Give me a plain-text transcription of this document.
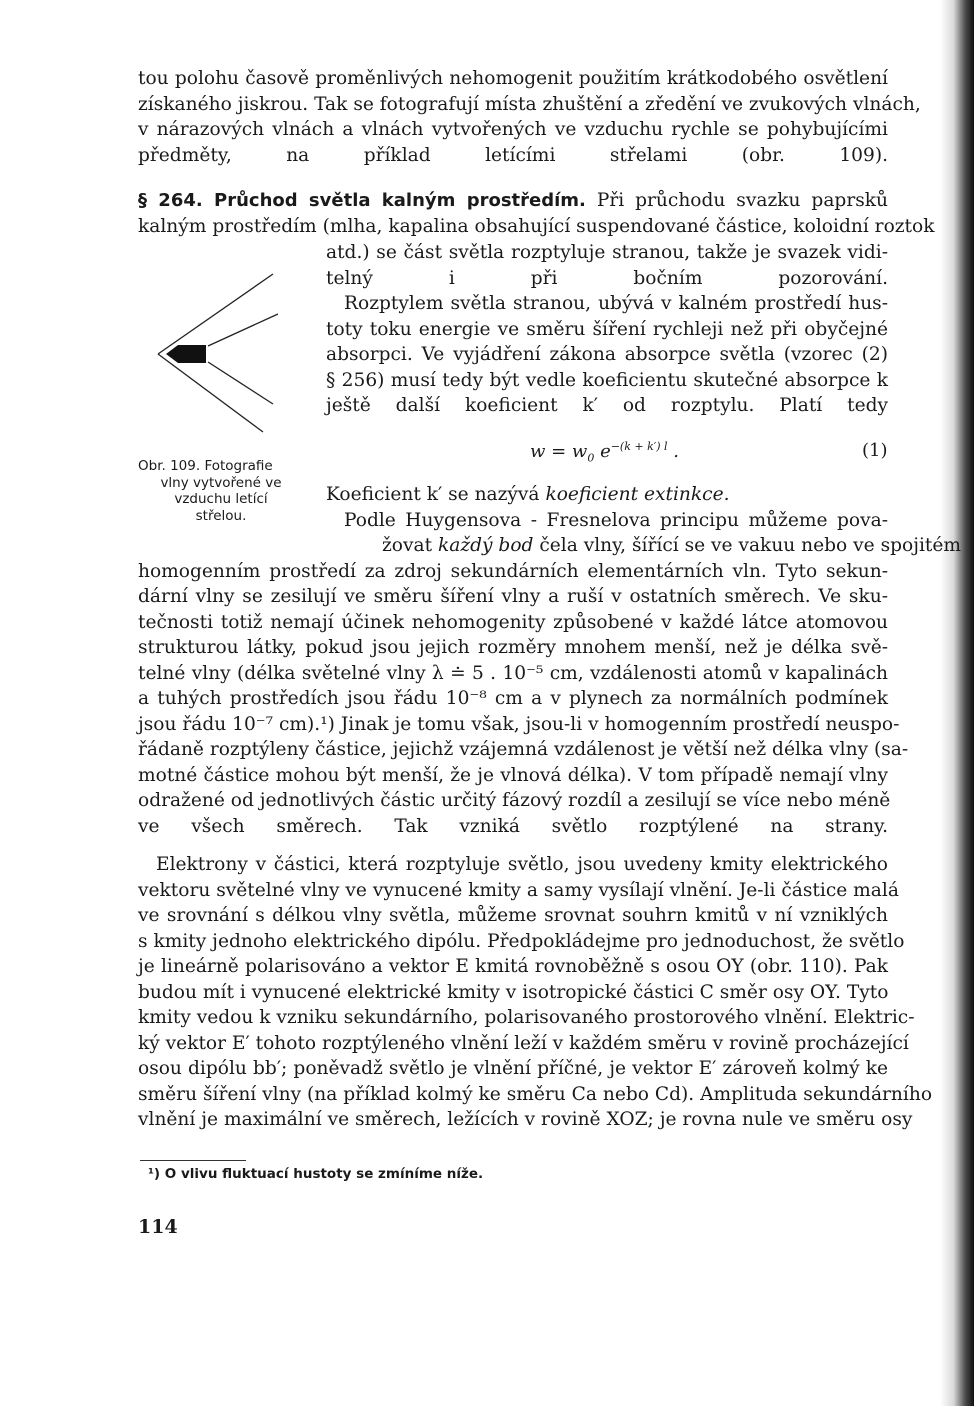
tou polohu časově proměnlivých nehomogenit použitím krátkodobého osvětlení
získaného jiskrou. Tak se fotografují místa zhuštění a zředění ve zvukových vlnách,
v nárazových vlnách a vlnách vytvořených ve vzduchu rychle se pohybujícími
předměty, na příklad letícími střelami (obr. 109).
§ 264. Průchod světla kalným prostředím. Při průchodu svazku paprsků
kalným prostředím (mlha, kapalina obsahující suspendované částice, koloidní roztok
atd.) se část světla rozptyluje stranou, takže je svazek vidi-
telný i při bočním pozorování.
Rozptylem světla stranou, ubývá v kalném prostředí hus-
toty toku energie ve směru šíření rychleji než při obyčejné
absorpci. Ve vyjádření zákona absorpce světla (vzorec (2)
§ 256) musí tedy být vedle koeficientu skutečné absorpce k
ještě další koeficient k′ od rozptylu. Platí tedy
Obr. 109. Fotografie
vlny vytvořené ve
vzduchu letící
střelou.
$w = w_0$ $e^{-(k + k') l}$ .	(1)
Koeficient k′ se nazývá koeficient extinkce.
Podle Huygensova - Fresnelova principu můžeme pova-
žovat každý bod čela vlny, šířící se ve vakuu nebo ve spojitém
homogenním prostředí za zdroj sekundárních elementárních vln. Tyto sekun-
dární vlny se zesilují ve směru šíření vlny a ruší v ostatních směrech. Ve sku-
tečnosti totiž nemají účinek nehomogenity způsobené v každé látce atomovou
strukturou látky, pokud jsou jejich rozměry mnohem menší, než je délka svě-
telné vlny (délka světelné vlny λ ≐ 5 . 10⁻⁵ cm, vzdálenosti atomů v kapalinách
a tuhých prostředích jsou řádu 10⁻⁸ cm a v plynech za normálních podmínek
jsou řádu 10⁻⁷ cm).¹) Jinak je tomu však, jsou-li v homogenním prostředí neuspo-
řádaně rozptýleny částice, jejichž vzájemná vzdálenost je větší než délka vlny (sa-
motné částice mohou být menší, že je vlnová délka). V tom případě nemají vlny
odražené od jednotlivých částic určitý fázový rozdíl a zesilují se více nebo méně
ve všech směrech. Tak vzniká světlo rozptýlené na strany.
Elektrony v částici, která rozptyluje světlo, jsou uvedeny kmity elektrického
vektoru světelné vlny ve vynucené kmity a samy vysílají vlnění. Je-li částice malá
ve srovnání s délkou vlny světla, můžeme srovnat souhrn kmitů v ní vzniklých
s kmity jednoho elektrického dipólu. Předpokládejme pro jednoduchost, že světlo
je lineárně polarisováno a vektor E kmitá rovnoběžně s osou OY (obr. 110). Pak
budou mít i vynucené elektrické kmity v isotropické částici C směr osy OY. Tyto
kmity vedou k vzniku sekundárního, polarisovaného prostorového vlnění. Elektric-
ký vektor E′ tohoto rozptýleného vlnění leží v každém směru v rovině procházející
osou dipólu bb′; poněvadž světlo je vlnění příčné, je vektor E′ zároveň kolmý ke
směru šíření vlny (na příklad kolmý ke směru Ca nebo Cd). Amplituda sekundárního
vlnění je maximální ve směrech, ležících v rovině XOZ; je rovna nule ve směru osy
¹) O vlivu fluktuací hustoty se zmíníme níže.
114
